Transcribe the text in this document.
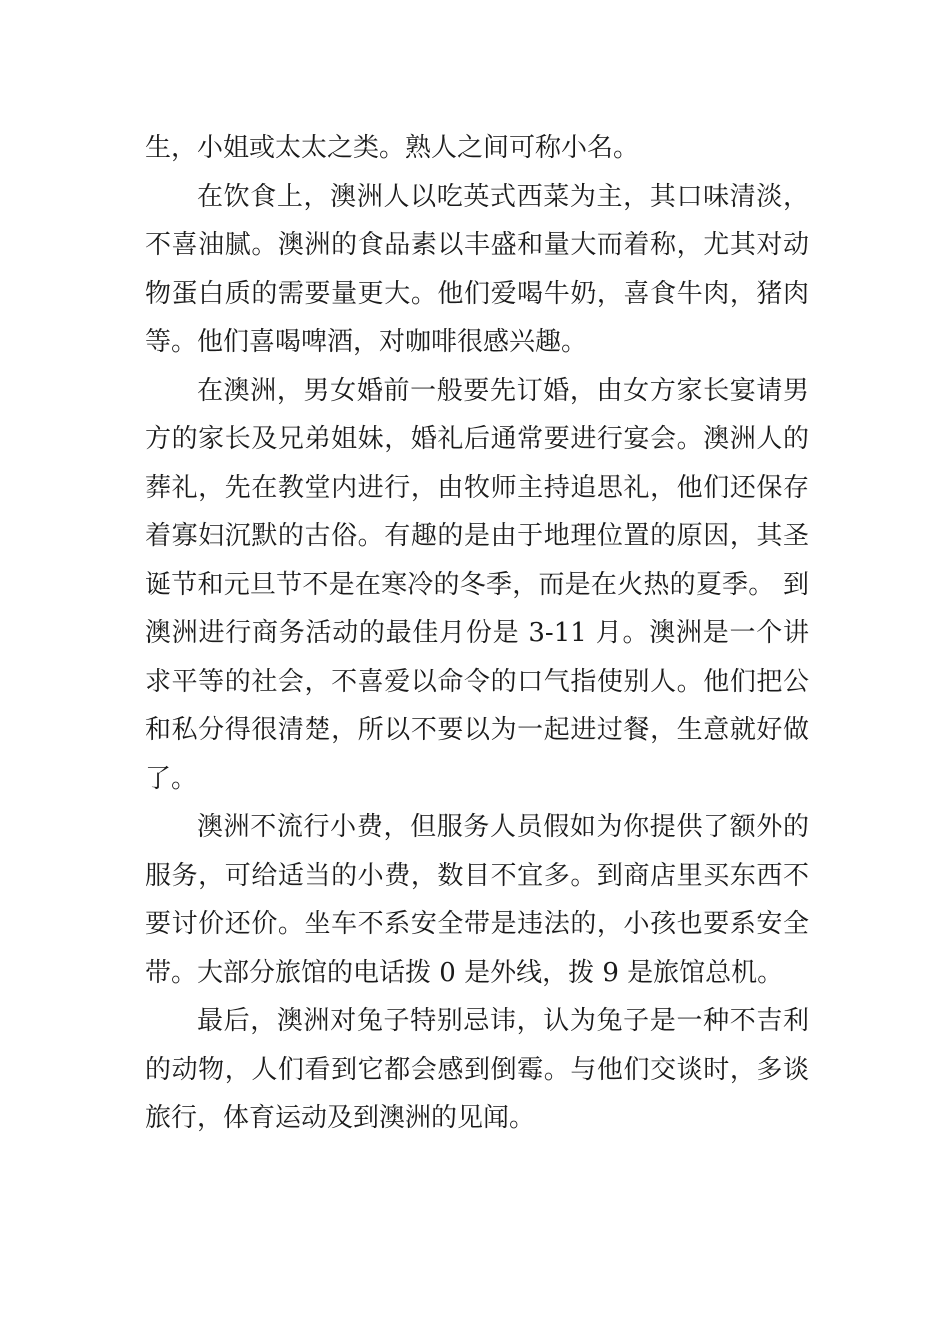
生，小姐或太太之类。熟人之间可称小名。

在饮食上，澳洲人以吃英式西菜为主，其口味清淡，不喜油腻。澳洲的食品素以丰盛和量大而着称，尤其对动物蛋白质的需要量更大。他们爱喝牛奶，喜食牛肉，猪肉等。他们喜喝啤酒，对咖啡很感兴趣。

在澳洲，男女婚前一般要先订婚，由女方家长宴请男方的家长及兄弟姐妹，婚礼后通常要进行宴会。澳洲人的葬礼，先在教堂内进行，由牧师主持追思礼，他们还保存着寡妇沉默的古俗。有趣的是由于地理位置的原因，其圣诞节和元旦节不是在寒冷的冬季，而是在火热的夏季。 到澳洲进行商务活动的最佳月份是 3-11 月。澳洲是一个讲求平等的社会，不喜爱以命令的口气指使别人。他们把公和私分得很清楚，所以不要以为一起进过餐，生意就好做了。

澳洲不流行小费，但服务人员假如为你提供了额外的服务，可给适当的小费，数目不宜多。到商店里买东西不要讨价还价。坐车不系安全带是违法的，小孩也要系安全带。大部分旅馆的电话拨 0 是外线，拨 9 是旅馆总机。

最后，澳洲对兔子特别忌讳，认为兔子是一种不吉利的动物，人们看到它都会感到倒霉。与他们交谈时，多谈旅行，体育运动及到澳洲的见闻。
